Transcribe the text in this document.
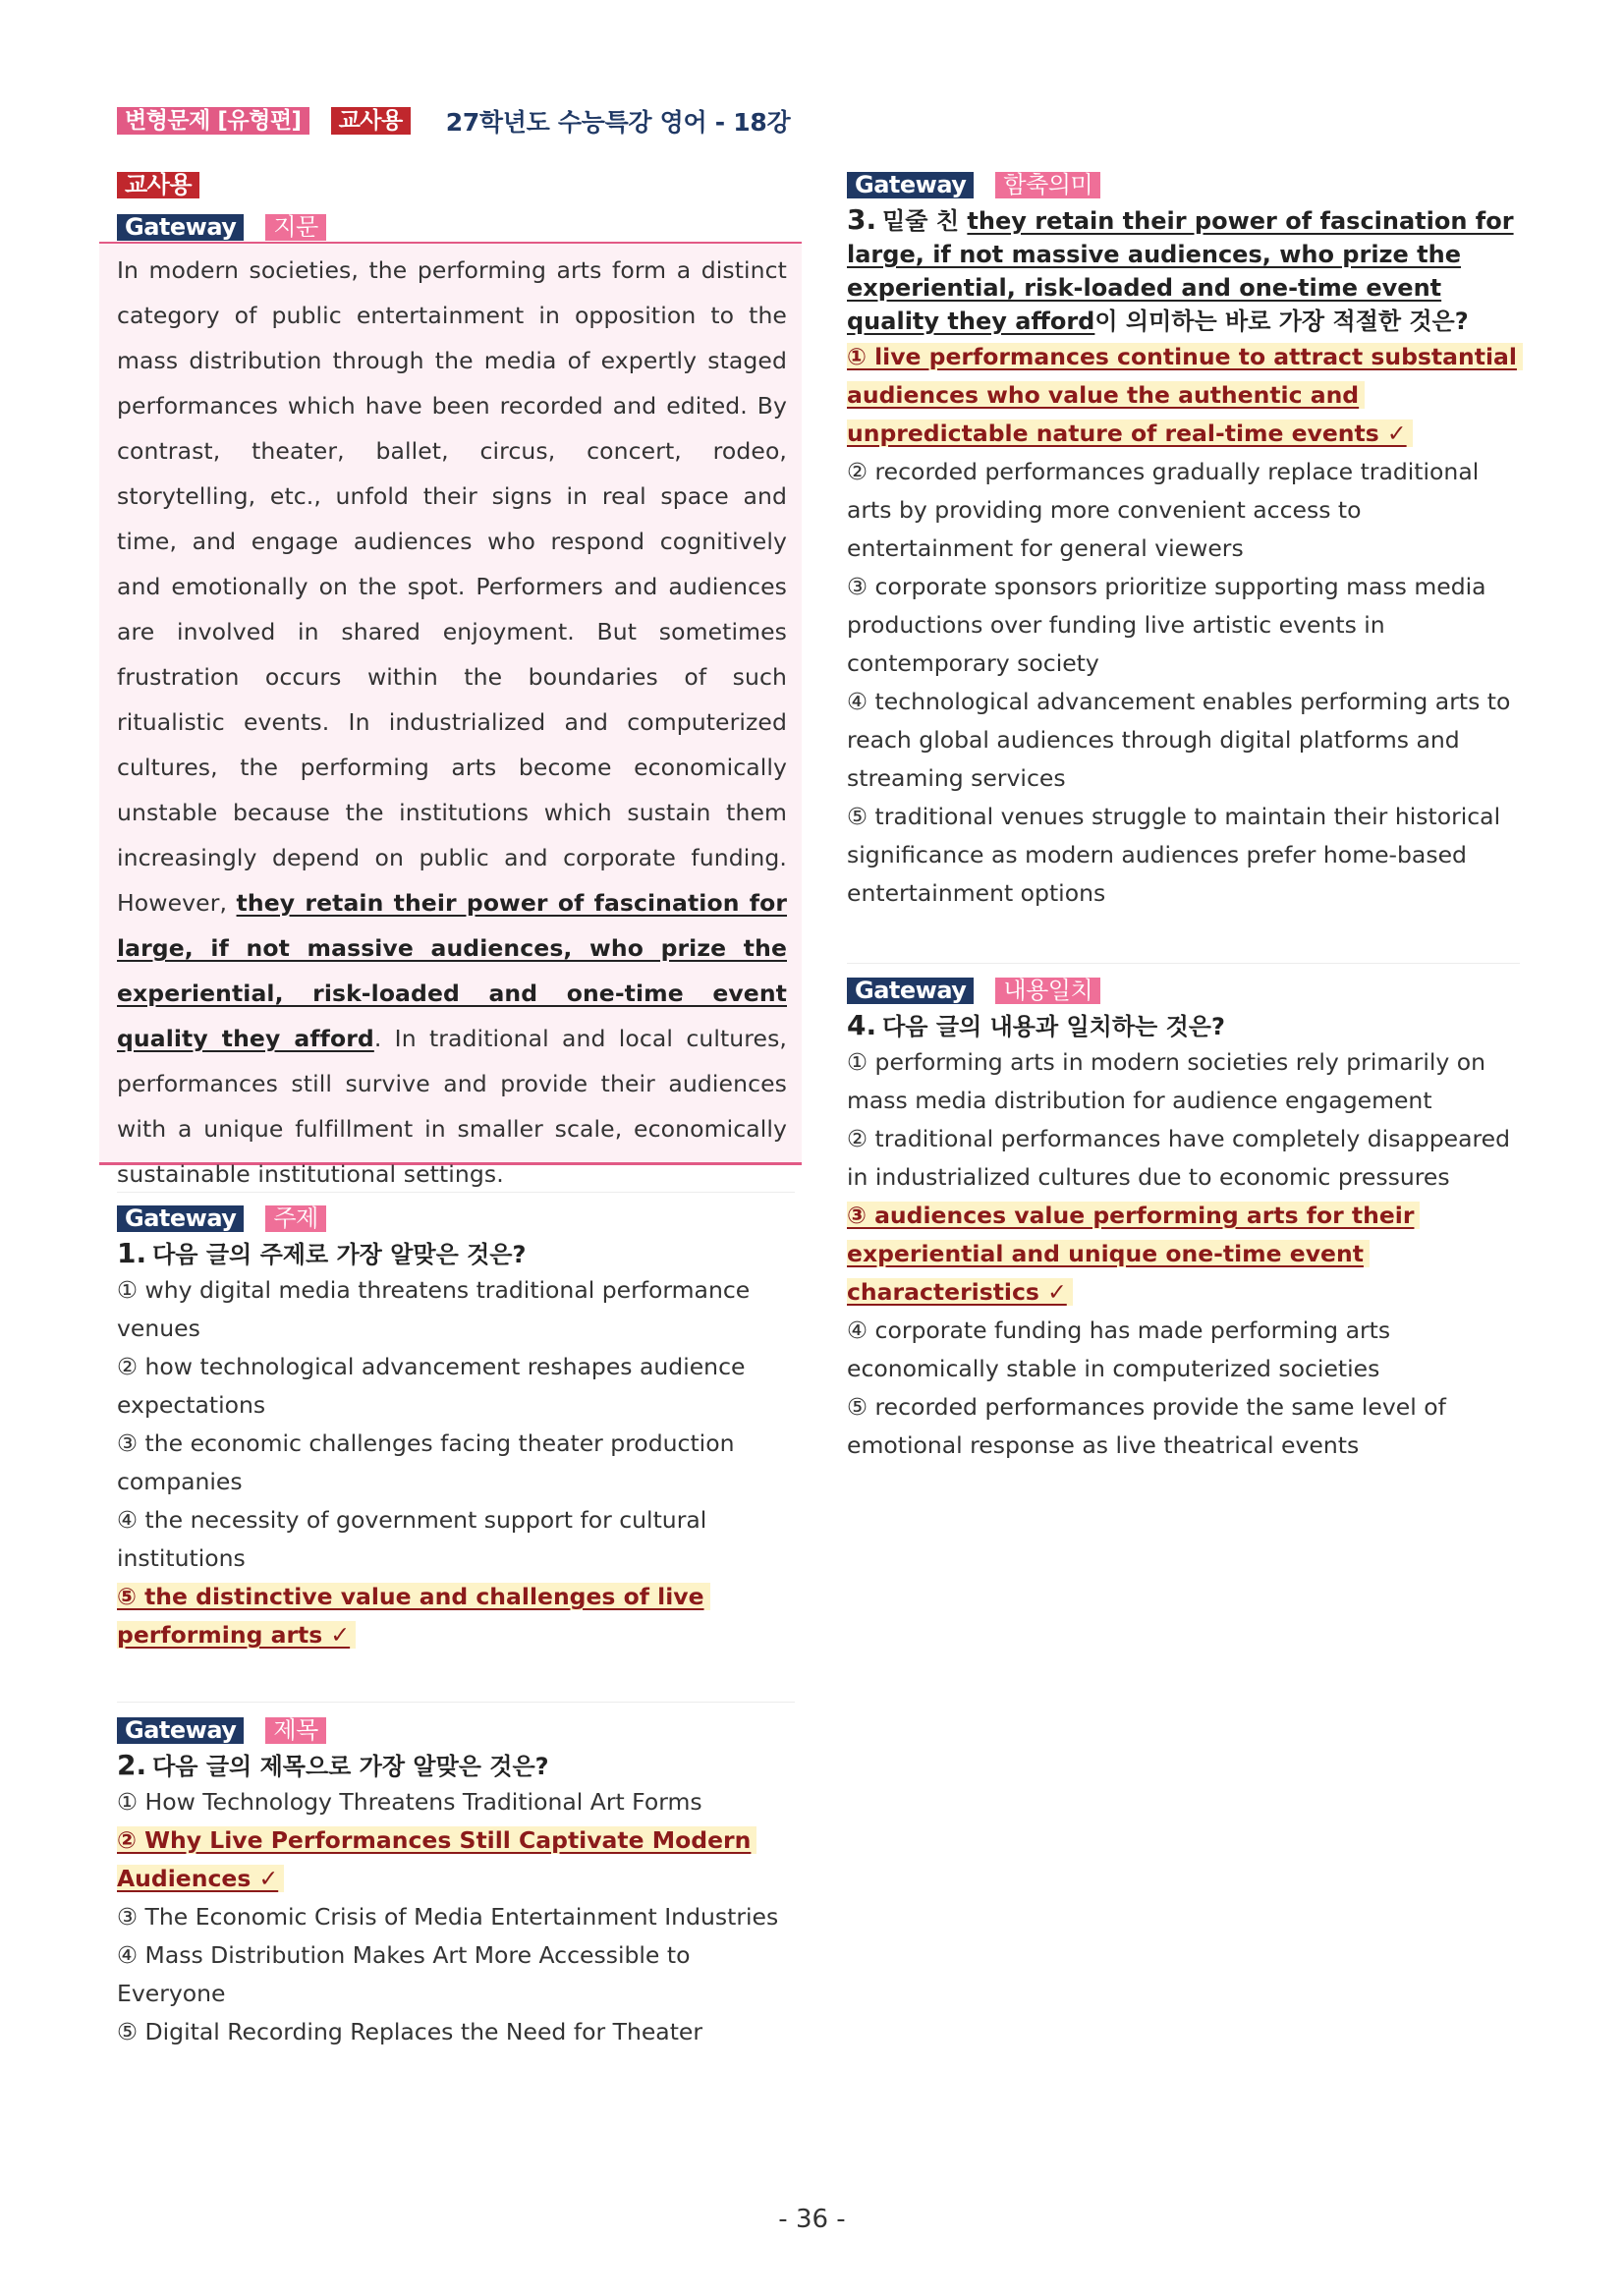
변형문제 [유형편]	교사용	27학년도 수능특강 영어 - 18강
교사용
Gateway	지문
In modern societies, the performing arts form a distinct category of public entertainment in opposition to the mass distribution through the media of expertly staged performances which have been recorded and edited. By contrast, theater, ballet, circus, concert, rodeo, storytelling, etc., unfold their signs in real space and time, and engage audiences who respond cognitively and emotionally on the spot. Performers and audiences are involved in shared enjoyment. But sometimes frustration occurs within the boundaries of such ritualistic events. In industrialized and computerized cultures, the performing arts become economically unstable because the institutions which sustain them increasingly depend on public and corporate funding. However, they retain their power of fascination for large, if not massive audiences, who prize the experiential, risk-loaded and one-time event quality they afford. In traditional and local cultures, performances still survive and provide their audiences with a unique fulfillment in smaller scale, economically sustainable institutional settings.
Gateway	주제
1. 다음 글의 주제로 가장 알맞은 것은?
① why digital media threatens traditional performance venues
② how technological advancement reshapes audience expectations
③ the economic challenges facing theater production companies
④ the necessity of government support for cultural institutions
⑤ the distinctive value and challenges of live performing arts ✓
Gateway	제목
2. 다음 글의 제목으로 가장 알맞은 것은?
① How Technology Threatens Traditional Art Forms
② Why Live Performances Still Captivate Modern Audiences ✓
③ The Economic Crisis of Media Entertainment Industries
④ Mass Distribution Makes Art More Accessible to Everyone
⑤ Digital Recording Replaces the Need for Theater
Gateway	함축의미
3. 밑줄 친 they retain their power of fascination for large, if not massive audiences, who prize the experiential, risk-loaded and one-time event quality they afford이 의미하는 바로 가장 적절한 것은?
① live performances continue to attract substantial audiences who value the authentic and unpredictable nature of real-time events ✓
② recorded performances gradually replace traditional arts by providing more convenient access to entertainment for general viewers
③ corporate sponsors prioritize supporting mass media productions over funding live artistic events in contemporary society
④ technological advancement enables performing arts to reach global audiences through digital platforms and streaming services
⑤ traditional venues struggle to maintain their historical significance as modern audiences prefer home-based entertainment options
Gateway	내용일치
4. 다음 글의 내용과 일치하는 것은?
① performing arts in modern societies rely primarily on mass media distribution for audience engagement
② traditional performances have completely disappeared in industrialized cultures due to economic pressures
③ audiences value performing arts for their experiential and unique one-time event characteristics ✓
④ corporate funding has made performing arts economically stable in computerized societies
⑤ recorded performances provide the same level of emotional response as live theatrical events
- 36 -
